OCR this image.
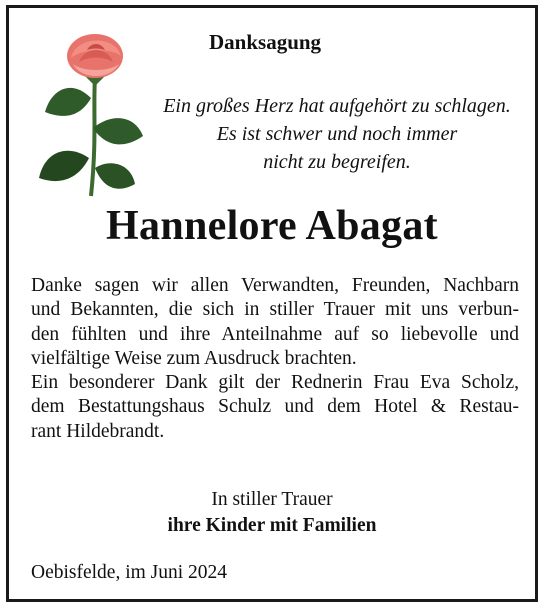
Danksagung
Ein großes Herz hat aufgehört zu schlagen.
Es ist schwer und noch immer
nicht zu begreifen.
Hannelore Abagat
Danke sagen wir allen Verwandten, Freunden, Nachbarn
und Bekannten, die sich in stiller Trauer mit uns verbun-
den fühlten und ihre Anteilnahme auf so liebevolle und
vielfältige Weise zum Ausdruck brachten.
Ein besonderer Dank gilt der Rednerin Frau Eva Scholz,
dem Bestattungshaus Schulz und dem Hotel & Restau-
rant Hildebrandt.
In stiller Trauer
ihre Kinder mit Familien
Oebisfelde, im Juni 2024
